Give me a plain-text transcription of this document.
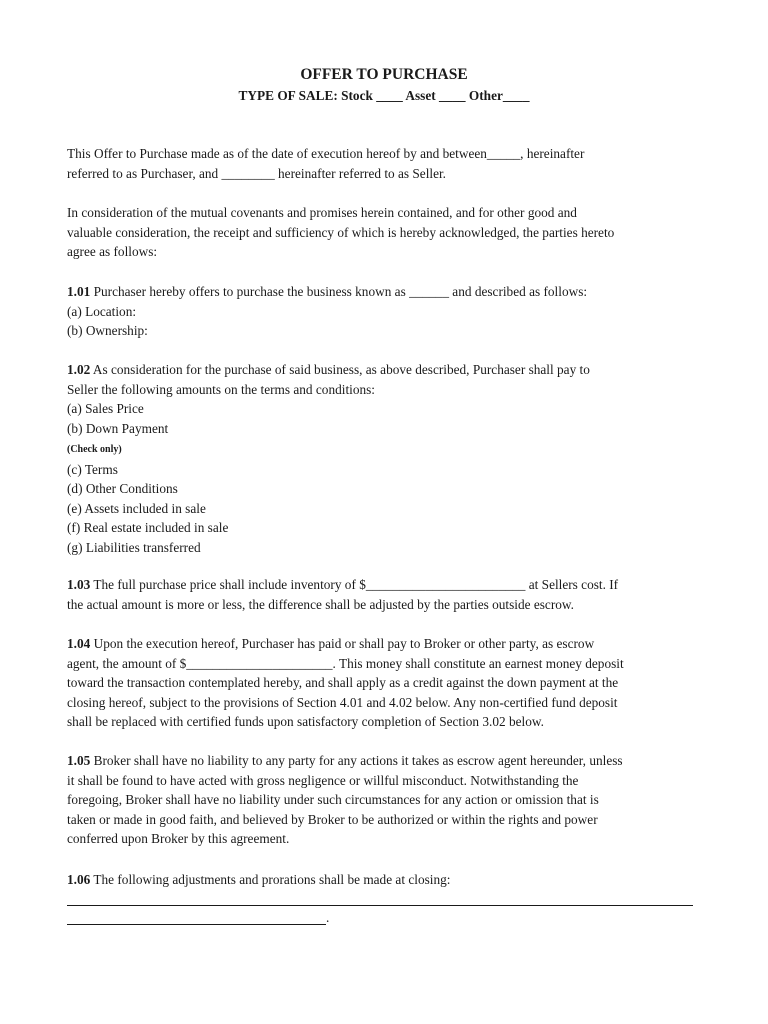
OFFER TO PURCHASE
TYPE OF SALE: Stock ____ Asset ____ Other____

This Offer to Purchase made as of the date of execution hereof by and between_____, hereinafter
referred to as Purchaser, and ________ hereinafter referred to as Seller.

In consideration of the mutual covenants and promises herein contained, and for other good and
valuable consideration, the receipt and sufficiency of which is hereby acknowledged, the parties hereto
agree as follows:

1.01 Purchaser hereby offers to purchase the business known as ______ and described as follows:
(a) Location:
(b) Ownership:

1.02 As consideration for the purchase of said business, as above described, Purchaser shall pay to
Seller the following amounts on the terms and conditions:
(a) Sales Price
(b) Down Payment
(Check only)
(c) Terms
(d) Other Conditions
(e) Assets included in sale
(f) Real estate included in sale
(g) Liabilities transferred

1.03 The full purchase price shall include inventory of $________________________ at Sellers cost. If
the actual amount is more or less, the difference shall be adjusted by the parties outside escrow.

1.04 Upon the execution hereof, Purchaser has paid or shall pay to Broker or other party, as escrow
agent, the amount of $______________________. This money shall constitute an earnest money deposit
toward the transaction contemplated hereby, and shall apply as a credit against the down payment at the
closing hereof, subject to the provisions of Section 4.01 and 4.02 below. Any non-certified fund deposit
shall be replaced with certified funds upon satisfactory completion of Section 3.02 below.

1.05 Broker shall have no liability to any party for any actions it takes as escrow agent hereunder, unless
it shall be found to have acted with gross negligence or willful misconduct. Notwithstanding the
foregoing, Broker shall have no liability under such circumstances for any action or omission that is
taken or made in good faith, and believed by Broker to be authorized or within the rights and power
conferred upon Broker by this agreement.

1.06 The following adjustments and prorations shall be made at closing:

.
